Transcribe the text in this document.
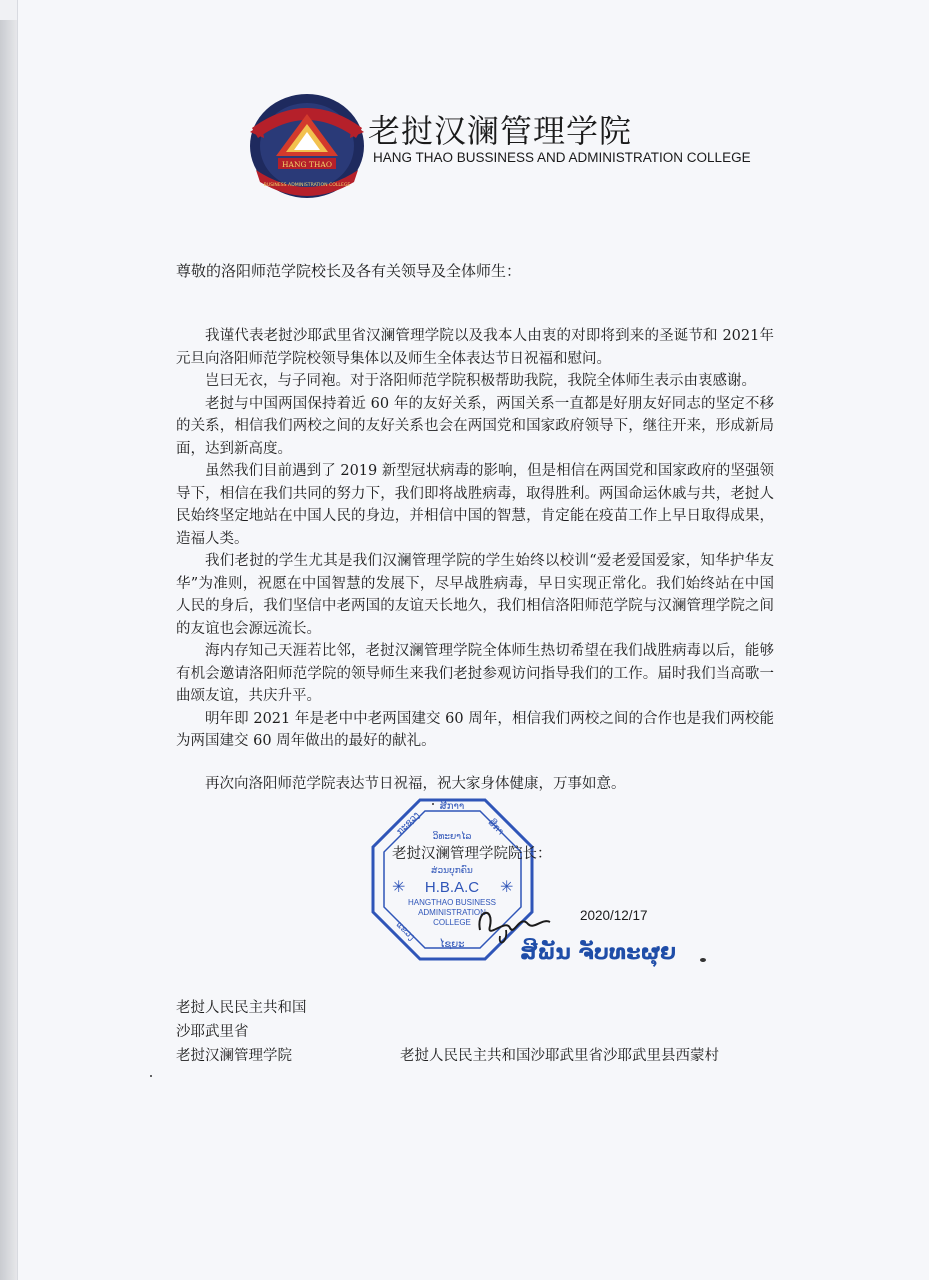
HANG THAO
BUSINESS ADMINISTRATION COLLEGE
老挝汉澜管理学院
HANG THAO BUSSINESS AND ADMINISTRATION COLLEGE
尊敬的洛阳师范学院校长及各有关领导及全体师生：

我谨代表老挝沙耶武里省汉澜管理学院以及我本人由衷的对即将到来的圣诞节和 2021年元旦向洛阳师范学院校领导集体以及师生全体表达节日祝福和慰问。

岂曰无衣，与子同袍。对于洛阳师范学院积极帮助我院，我院全体师生表示由衷感谢。

老挝与中国两国保持着近 60 年的友好关系，两国关系一直都是好朋友好同志的坚定不移的关系，相信我们两校之间的友好关系也会在两国党和国家政府领导下，继往开来，形成新局面，达到新高度。

虽然我们目前遇到了 2019 新型冠状病毒的影响，但是相信在两国党和国家政府的坚强领导下，相信在我们共同的努力下，我们即将战胜病毒，取得胜利。两国命运休戚与共，老挝人民始终坚定地站在中国人民的身边，并相信中国的智慧，肯定能在疫苗工作上早日取得成果，造福人类。

我们老挝的学生尤其是我们汉澜管理学院的学生始终以校训“爱老爱国爱家，知华护华友华”为准则，祝愿在中国智慧的发展下，尽早战胜病毒，早日实现正常化。我们始终站在中国人民的身后，我们坚信中老两国的友谊天长地久，我们相信洛阳师范学院与汉澜管理学院之间的友谊也会源远流长。

海内存知己天涯若比邻，老挝汉澜管理学院全体师生热切希望在我们战胜病毒以后，能够有机会邀请洛阳师范学院的领导师生来我们老挝参观访问指导我们的工作。届时我们当高歌一曲颂友谊，共庆升平。

明年即 2021 年是老中中老两国建交 60 周年，相信我们两校之间的合作也是我们两校能为两国建交 60 周年做出的最好的献礼。

再次向洛阳师范学院表达节日祝福，祝大家身体健康，万事如意。
ສີກາາ
ກະຊວງ	ສີກາ
ວິທະຍາໄລ
ສ່ວນບຸກຄົນ
H.B.A.C
HANGTHAO BUSINESS
ADMINISTRATION
COLLEGE
ແຂວງ
ໄຊຍະ
✳	✳
老挝汉澜管理学院院长：
2020/12/17
ສີພັນ ຈັບທະຜຸຍ
老挝人民民主共和国
沙耶武里省
老挝汉澜管理学院	老挝人民民主共和国沙耶武里省沙耶武里县西蒙村
